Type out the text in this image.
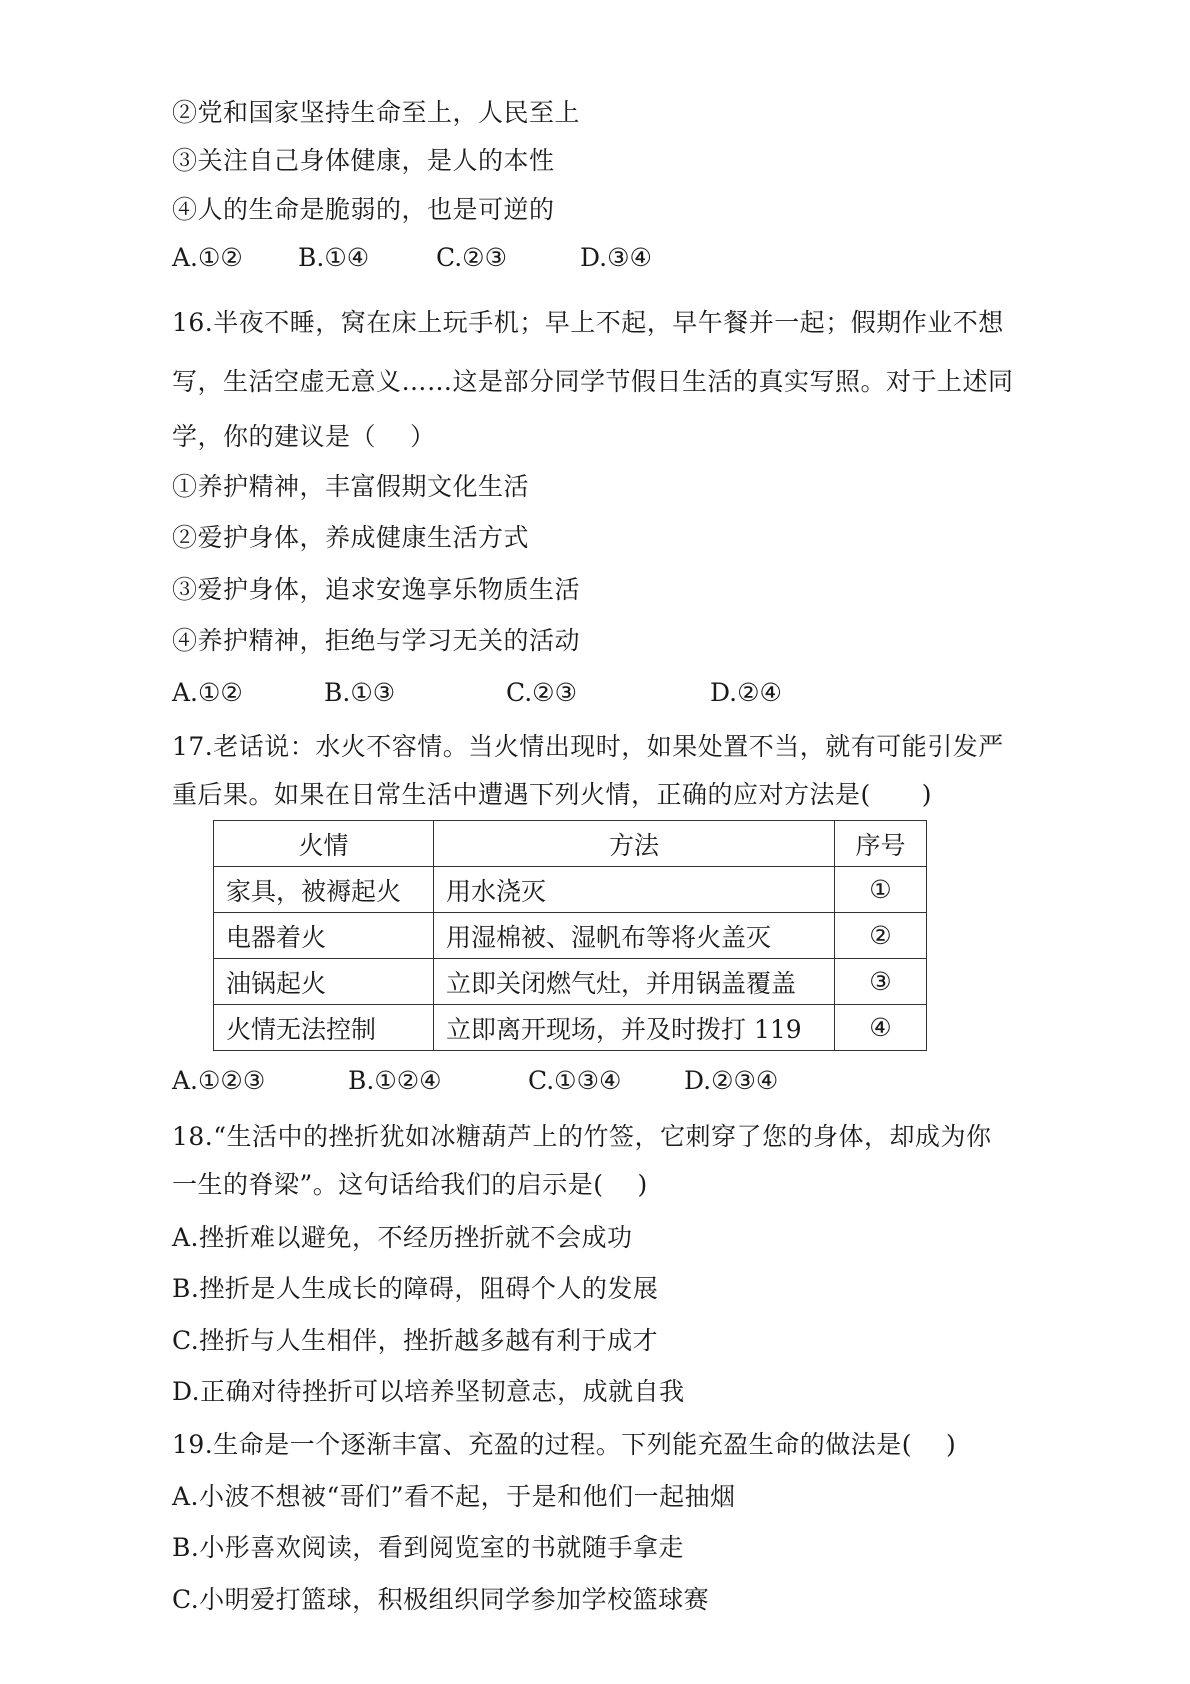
②党和国家坚持生命至上，人民至上
③关注自己身体健康，是人的本性
④人的生命是脆弱的，也是可逆的
A.①② B.①④	C.②③	D.③④
16.半夜不睡，窝在床上玩手机；早上不起，早午餐并一起；假期作业不想
写，生活空虚无意义……这是部分同学节假日生活的真实写照。对于上述同
学，你的建议是（　 ）
①养护精神，丰富假期文化生活
②爱护身体，养成健康生活方式
③爱护身体，追求安逸享乐物质生活
④养护精神，拒绝与学习无关的活动
A.①②	B.①③	C.②③	D.②④
17.老话说：水火不容情。当火情出现时，如果处置不当，就有可能引发严
重后果。如果在日常生活中遭遇下列火情，正确的应对方法是(　　)
火情	方法	序号
家具，被褥起火	用水浇灭	①
电器着火	用湿棉被、湿帆布等将火盖灭	②
油锅起火	立即关闭燃气灶，并用锅盖覆盖	③
火情无法控制	立即离开现场，并及时拨打 119	④
A.①②③	B.①②④	C.①③④	D.②③④
18.“生活中的挫折犹如冰糖葫芦上的竹签，它刺穿了您的身体，却成为你
一生的脊梁”。这句话给我们的启示是(　 )
A.挫折难以避免，不经历挫折就不会成功
B.挫折是人生成长的障碍，阻碍个人的发展
C.挫折与人生相伴，挫折越多越有利于成才
D.正确对待挫折可以培养坚韧意志，成就自我
19.生命是一个逐渐丰富、充盈的过程。下列能充盈生命的做法是(　 )
A.小波不想被“哥们”看不起，于是和他们一起抽烟
B.小彤喜欢阅读，看到阅览室的书就随手拿走
C.小明爱打篮球，积极组织同学参加学校篮球赛
